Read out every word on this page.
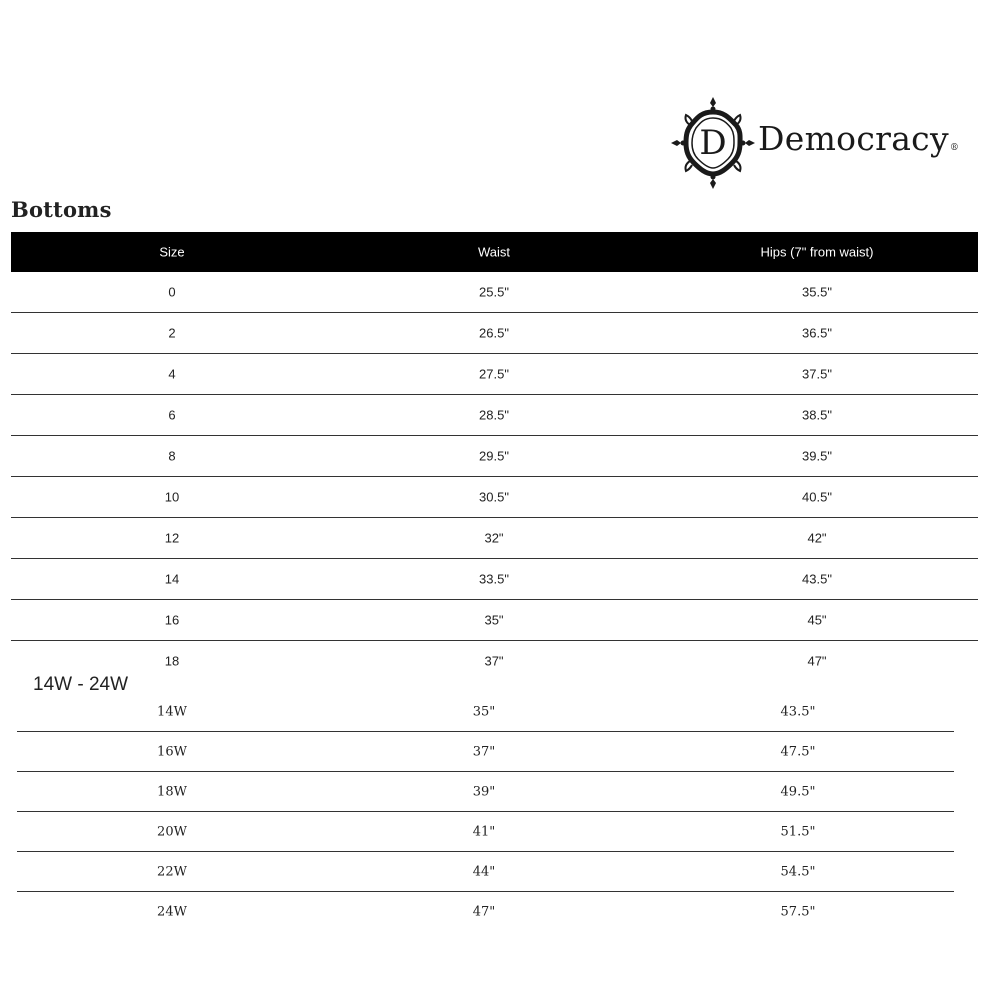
D Democracy®
Bottoms
Size	Waist	Hips (7" from waist)
0	25.5"	35.5"
2	26.5"	36.5"
4	27.5"	37.5"
6	28.5"	38.5"
8	29.5"	39.5"
10	30.5"	40.5"
12	32"	42"
14	33.5"	43.5"
16	35"	45"
18	37"	47"
14W - 24W
14W	35"	43.5"
16W	37"	47.5"
18W	39"	49.5"
20W	41"	51.5"
22W	44"	54.5"
24W	47"	57.5"
